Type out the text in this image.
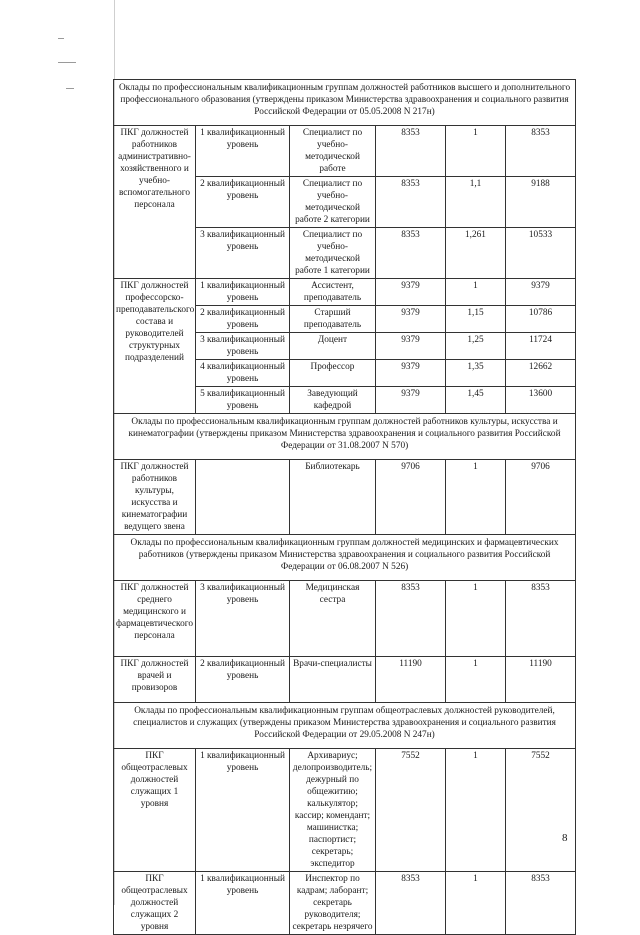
Оклады по профессиональным квалификационным группам должностей работников высшего и дополнительного профессионального образования (утверждены приказом Министерства здравоохранения и социального развития Российской Федерации от 05.05.2008 N 217н)					
ПКГ должностей работников административно-хозяйственного и учебно-вспомогательного персонала	1 квалификационный уровень	Специалист по учебно-методической работе	8353	1	8353
	2 квалификационный уровень	Специалист по учебно-методической работе 2 категории	8353	1,1	9188
	3 квалификационный уровень	Специалист по учебно-методической работе 1 категории	8353	1,261	10533
ПКГ должностей профессорско-преподавательского состава и руководителей структурных подразделений	1 квалификационный уровень	Ассистент, преподаватель	9379	1	9379
	2 квалификационный уровень	Старший преподаватель	9379	1,15	10786
	3 квалификационный уровень	Доцент	9379	1,25	11724
	4 квалификационный уровень	Профессор	9379	1,35	12662
	5 квалификационный уровень	Заведующий кафедрой	9379	1,45	13600
Оклады по профессиональным квалификационным группам должностей работников культуры, искусства и кинематографии (утверждены приказом Министерства здравоохранения и социального развития Российской Федерации от 31.08.2007 N 570)					
ПКГ должностей работников культуры, искусства и кинематографии ведущего звена		Библиотекарь	9706	1	9706
Оклады по профессиональным квалификационным группам должностей медицинских и фармацевтических работников (утверждены приказом Министерства здравоохранения и социального развития Российской Федерации от 06.08.2007 N 526)					
ПКГ должностей среднего медицинского и фармацевтического персонала	3 квалификационный уровень	Медицинская сестра	8353	1	8353
ПКГ должностей врачей и провизоров	2 квалификационный уровень	Врачи-специалисты	11190	1	11190
Оклады по профессиональным квалификационным группам общеотраслевых должностей руководителей, специалистов и служащих (утверждены приказом Министерства здравоохранения и социального развития Российской Федерации от 29.05.2008 N 247н)					
ПКГ общеотраслевых должностей служащих 1 уровня	1 квалификационный уровень	Архивариус; делопроизводитель; дежурный по общежитию; калькулятор; кассир; комендант; машинистка; паспортист; секретарь; экспедитор	7552	1	7552
ПКГ общеотраслевых должностей служащих 2 уровня	1 квалификационный уровень	Инспектор по кадрам; лаборант; секретарь руководителя; секретарь незрячего	8353	1	8353
8
